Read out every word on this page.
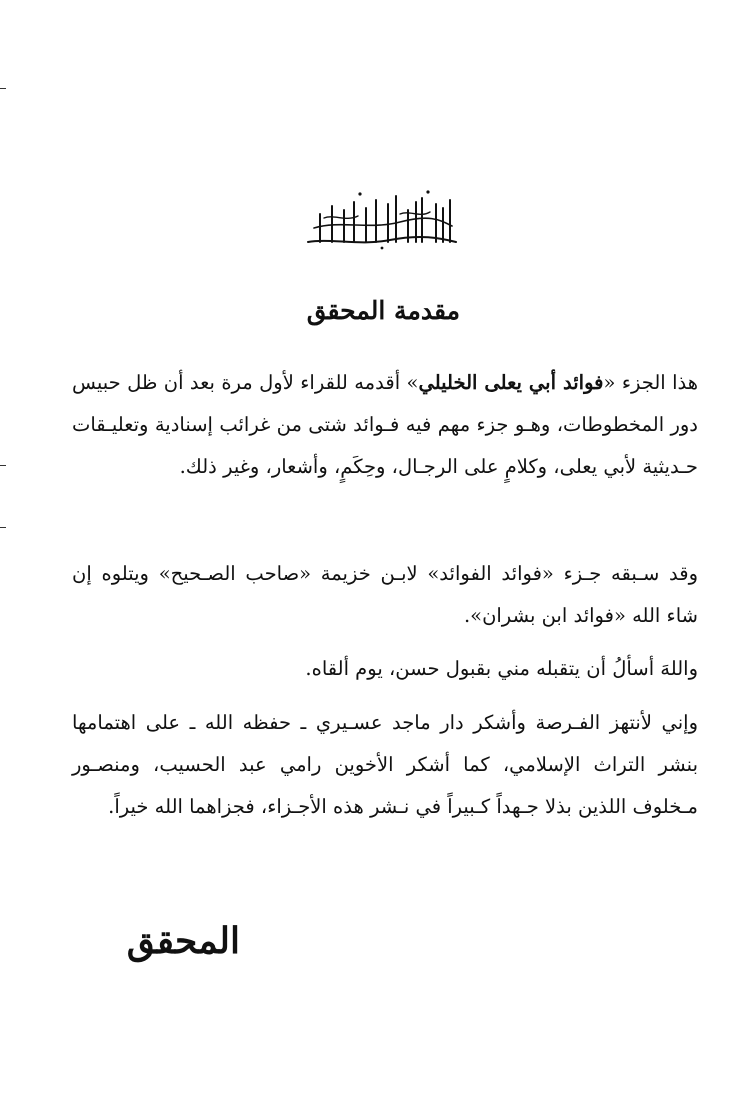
مقدمة المحقق

هذا الجزء «فوائد أبي يعلى الخليلي» أقدمه للقراء لأول مرة بعد أن ظل حبيس دور المخطوطات، وهـو جزء مهم فيه فـوائد شتى من غرائب إسنادية وتعليـقات حـديثية لأبي يعلى، وكلامٍ على الرجـال، وحِكَمٍ، وأشعار، وغير ذلك.

وقد سـبقه جـزء «فوائد الفوائد» لابـن خزيمة «صاحب الصـحيح» ويتلوه إن شاء الله «فوائد ابن بشران».

واللهَ أسألُ أن يتقبله مني بقبول حسن، يوم ألقاه.

وإني لأنتهز الفـرصة وأشكر دار ماجد عسـيري ـ حفظه الله ـ على اهتمامها بنشر التراث الإسلامي، كما أشكر الأخوين رامي عبد الحسيب، ومنصـور مـخلوف اللذين بذلا جـهداً كـبيراً في نـشر هذه الأجـزاء، فجزاهما الله خيراً.

المحقق
